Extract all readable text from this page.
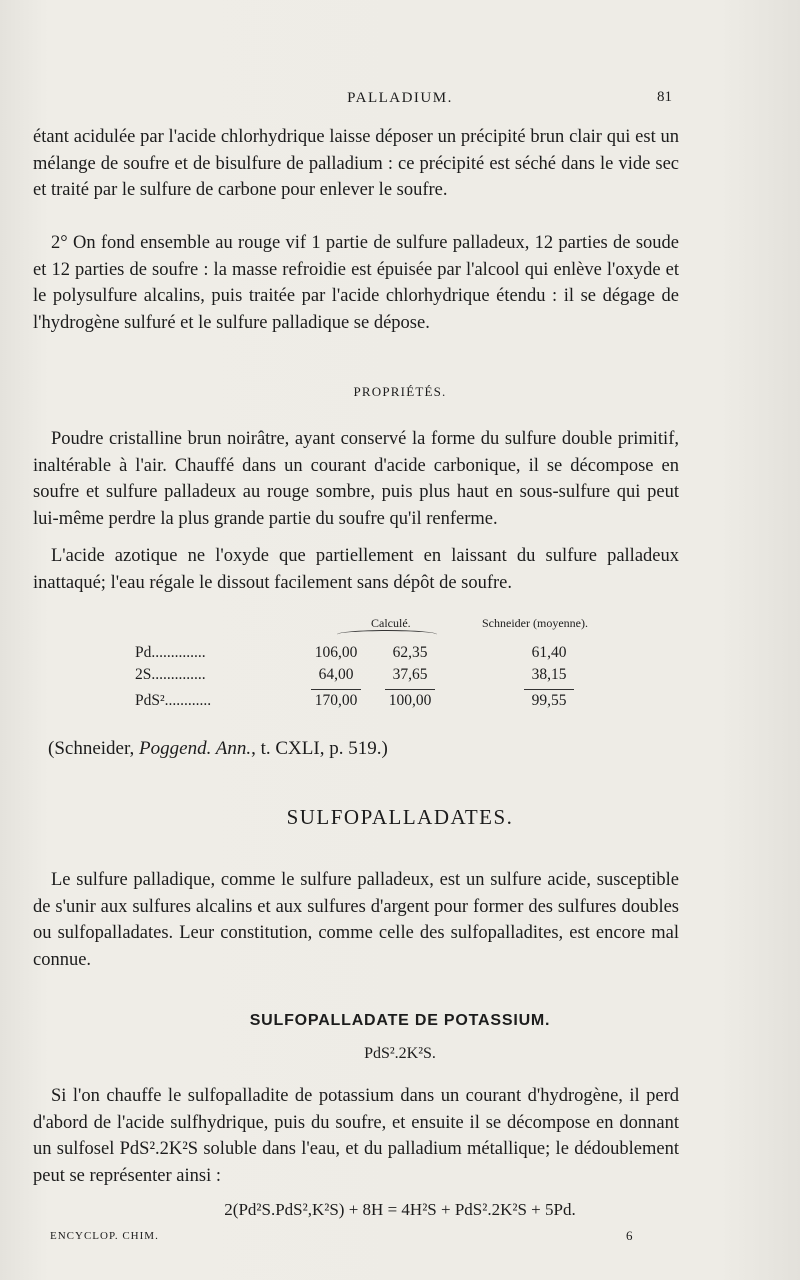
PALLADIUM.	81

étant acidulée par l'acide chlorhydrique laisse déposer un précipité brun clair qui est un mélange de soufre et de bisulfure de palladium : ce précipité est séché dans le vide sec et traité par le sulfure de carbone pour enlever le soufre.

2° On fond ensemble au rouge vif 1 partie de sulfure palladeux, 12 parties de soude et 12 parties de soufre : la masse refroidie est épuisée par l'alcool qui enlève l'oxyde et le polysulfure alcalins, puis traitée par l'acide chlorhydrique étendu : il se dégage de l'hydrogène sulfuré et le sulfure palladique se dépose.

PROPRIÉTÉS.

Poudre cristalline brun noirâtre, ayant conservé la forme du sulfure double primitif, inaltérable à l'air. Chauffé dans un courant d'acide carbonique, il se décompose en soufre et sulfure palladeux au rouge sombre, puis plus haut en sous-sulfure qui peut lui-même perdre la plus grande partie du soufre qu'il renferme.

L'acide azotique ne l'oxyde que partiellement en laissant du sulfure palladeux inattaqué; l'eau régale le dissout facilement sans dépôt de soufre.

Calculé.	Schneider (moyenne).
Pd..............	106,00	62,35	61,40
2S..............	64,00	37,65	38,15
PdS²............	170,00	100,00	99,55
(Schneider, Poggend. Ann., t. CXLI, p. 519.)
SULFOPALLADATES.

Le sulfure palladique, comme le sulfure palladeux, est un sulfure acide, susceptible de s'unir aux sulfures alcalins et aux sulfures d'argent pour former des sulfures doubles ou sulfopalladates. Leur constitution, comme celle des sulfopalladites, est encore mal connue.

SULFOPALLADATE DE POTASSIUM.
PdS².2K²S.

Si l'on chauffe le sulfopalladite de potassium dans un courant d'hydrogène, il perd d'abord de l'acide sulfhydrique, puis du soufre, et ensuite il se décompose en donnant un sulfosel PdS².2K²S soluble dans l'eau, et du palladium métallique; le dédoublement peut se représenter ainsi :

2(Pd²S.PdS²,K²S) + 8H = 4H²S + PdS².2K²S + 5Pd.
ENCYCLOP. CHIM.	6
